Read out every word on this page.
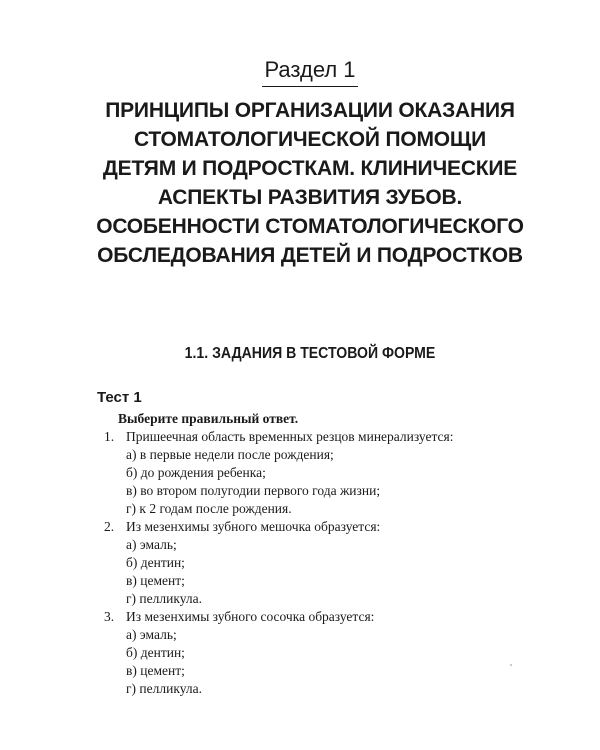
Раздел 1
ПРИНЦИПЫ ОРГАНИЗАЦИИ ОКАЗАНИЯ
СТОМАТОЛОГИЧЕСКОЙ ПОМОЩИ
ДЕТЯМ И ПОДРОСТКАМ. КЛИНИЧЕСКИЕ
АСПЕКТЫ РАЗВИТИЯ ЗУБОВ.
ОСОБЕННОСТИ СТОМАТОЛОГИЧЕСКОГО
ОБСЛЕДОВАНИЯ ДЕТЕЙ И ПОДРОСТКОВ
1.1. ЗАДАНИЯ В ТЕСТОВОЙ ФОРМЕ
Тест 1
Выберите правильный ответ.
1. Пришеечная область временных резцов минерализуется:
а) в первые недели после рождения;
б) до рождения ребенка;
в) во втором полугодии первого года жизни;
г) к 2 годам после рождения.
2. Из мезенхимы зубного мешочка образуется:
а) эмаль;
б) дентин;
в) цемент;
г) пелликула.
3. Из мезенхимы зубного сосочка образуется:
а) эмаль;
б) дентин;
в) цемент;
г) пелликула.
